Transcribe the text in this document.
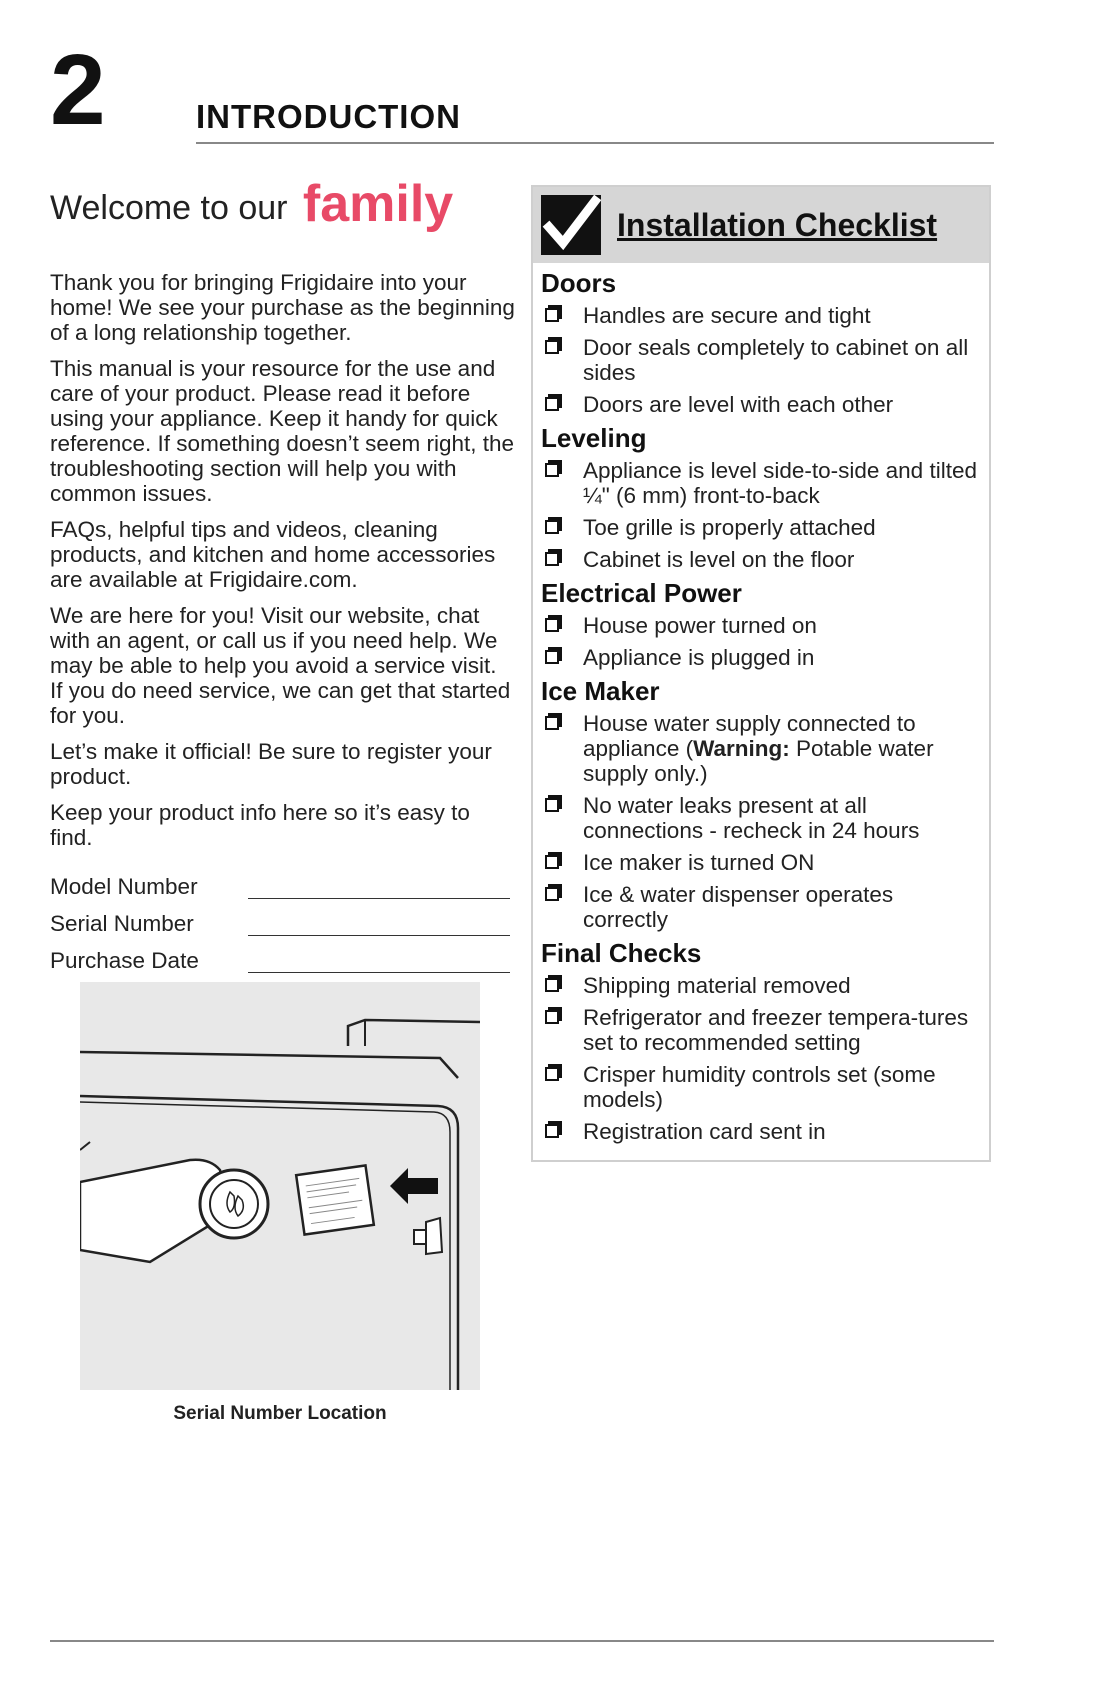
2	INTRODUCTION
Welcome to our family

Thank you for bringing Frigidaire into your home! We see your purchase as the beginning of a long relationship together.

This manual is your resource for the use and care of your product. Please read it before using your appliance. Keep it handy for quick reference. If something doesn’t seem right, the troubleshooting section will help you with common issues.

FAQs, helpful tips and videos, cleaning products, and kitchen and home accessories are available at Frigidaire.com.

We are here for you! Visit our website, chat with an agent, or call us if you need help. We may be able to help you avoid a service visit. If you do need service, we can get that started for you.

Let’s make it official! Be sure to register your product.

Keep your product info here so it’s easy to find.

Model Number
Serial Number
Purchase Date
Serial Number Location
Installation Checklist
Doors
Handles are secure and tight
Door seals completely to cabinet on all sides
Doors are level with each other
Leveling
Appliance is level side-to-side and tilted ¼" (6 mm) front-to-back
Toe grille is properly attached
Cabinet is level on the floor
Electrical Power
House power turned on
Appliance is plugged in
Ice Maker
House water supply connected to appliance (Warning: Potable water supply only.)
No water leaks present at all connections - recheck in 24 hours
Ice maker is turned ON
Ice & water dispenser operates correctly
Final Checks
Shipping material removed
Refrigerator and freezer tempera-tures set to recommended setting
Crisper humidity controls set (some models)
Registration card sent in
